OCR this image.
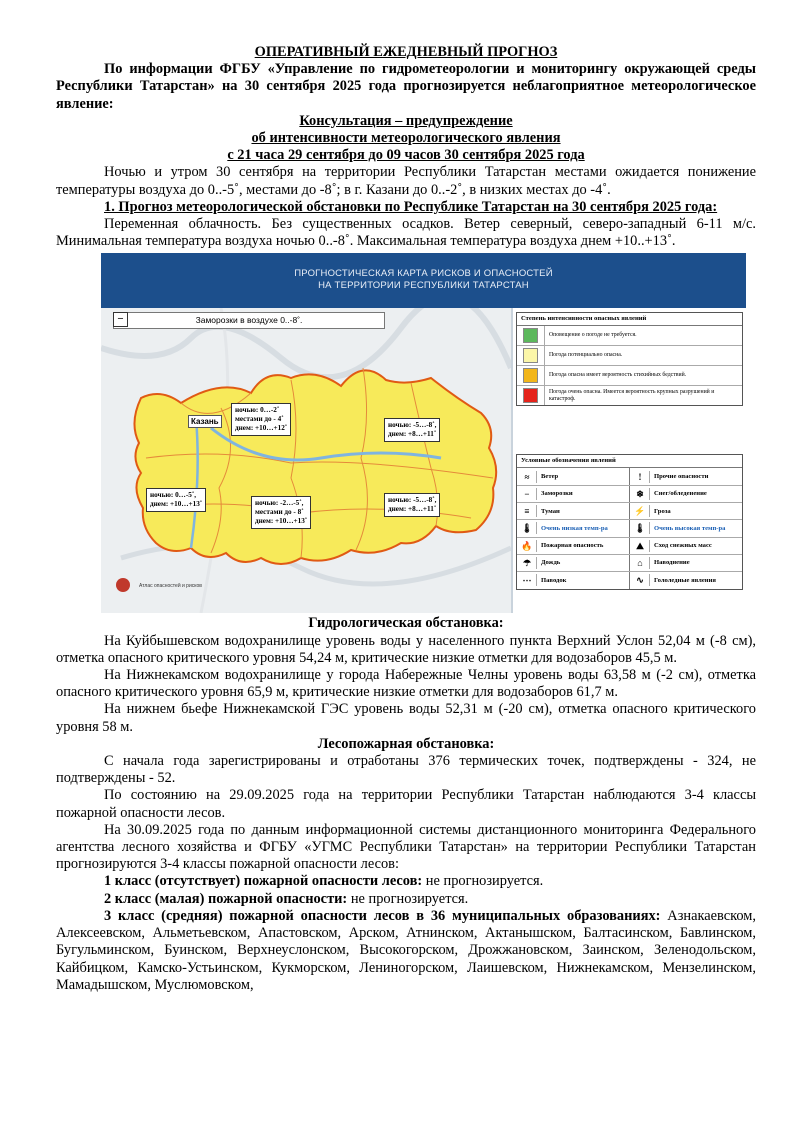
ОПЕРАТИВНЫЙ ЕЖЕДНЕВНЫЙ ПРОГНОЗ

По информации ФГБУ «Управление по гидрометеорологии и мониторингу окружающей среды Республики Татарстан» на 30 сентября 2025 года прогнозируется неблагоприятное метеорологическое явление:

Консультация – предупреждение

об интенсивности метеорологического явления

с 21 часа 29 сентября до 09 часов 30 сентября 2025 года

Ночью и утром 30 сентября на территории Республики Татарстан местами ожидается понижение температуры воздуха до 0..-5˚, местами до -8˚; в г. Казани до 0..-2˚, в низких местах до -4˚.

1. Прогноз метеорологической обстановки по Республике Татарстан на 30 сентября 2025 года:

Переменная облачность. Без существенных осадков. Ветер северный, северо-западный 6-11 м/с. Минимальная температура воздуха ночью 0..-8˚. Максимальная температура воздуха днем +10..+13˚.

ПРОГНОСТИЧЕСКАЯ КАРТА РИСКОВ И ОПАСНОСТЕЙ
НА ТЕРРИТОРИИ РЕСПУБЛИКИ ТАТАРСТАН
Заморозки в воздухе 0..-8˚.
−
Казань
ночью: 0…-2˚
местами до - 4˚
днем: +10…+12˚	ночью: -5…-8˚,
днем: +8…+11˚
ночью: 0…-5˚,
днем: +10…+13˚	ночью: -2…-5˚,
местами до - 8˚
днем: +10…+13˚
ночью: -5…-8˚,
днем: +8…+11˚
Атлас опасностей и рисков
Степень интенсивности опасных явлений
Оповещение о погоде не требуется.
Погода потенциально опасна.
Погода опасна имеет вероятность стихийных бедствий.
Погода очень опасна. Имеется вероятность крупных разрушений и катастроф.
Условные обозначения явлений
≈	Ветер	!	Прочие опасности
−	Заморозки	❄	Снег/обледенение
≡	Туман	⚡	Гроза
🌡	Очень низкая темп-ра	🌡	Очень высокая темп-ра
🔥	Пожарная опасность	⛰	Сход снежных масс
☂	Дождь	⌂	Наводнение
⋯	Паводок	∿	Гололедные явления

Гидрологическая обстановка:

На Куйбышевском водохранилище уровень воды у населенного пункта Верхний Услон 52,04 м (-8 см), отметка опасного критического уровня 54,24 м, критические низкие отметки для водозаборов 45,5 м.

На Нижнекамском водохранилище у города Набережные Челны уровень воды 63,58 м (-2 см), отметка опасного критического уровня 65,9 м, критические низкие отметки для водозаборов 61,7 м.

На нижнем бьефе Нижнекамской ГЭС уровень воды 52,31 м (-20 см), отметка опасного критического уровня 58 м.

Лесопожарная обстановка:

С начала года зарегистрированы и отработаны 376 термических точек, подтверждены - 324, не подтверждены - 52.

По состоянию на 29.09.2025 года на территории Республики Татарстан наблюдаются 3-4 классы пожарной опасности лесов.

На 30.09.2025 года по данным информационной системы дистанционного мониторинга Федерального агентства лесного хозяйства и ФГБУ «УГМС Республики Татарстан» на территории Республики Татарстан прогнозируются 3-4 классы пожарной опасности лесов:

1 класс (отсутствует) пожарной опасности лесов: не прогнозируется.

2 класс (малая) пожарной опасности: не прогнозируется.

3 класс (средняя) пожарной опасности лесов в 36 муниципальных образованиях: Азнакаевском, Алексеевском, Альметьевском, Апастовском, Арском, Атнинском, Актанышском, Балтасинском, Бавлинском, Бугульминском, Буинском, Верхнеуслонском, Высокогорском, Дрожжановском, Заинском, Зеленодольском, Кайбицком, Камско-Устьинском, Кукморском, Лениногорском, Лаишевском, Нижнекамском, Мензелинском, Мамадышском, Муслюмовском,
